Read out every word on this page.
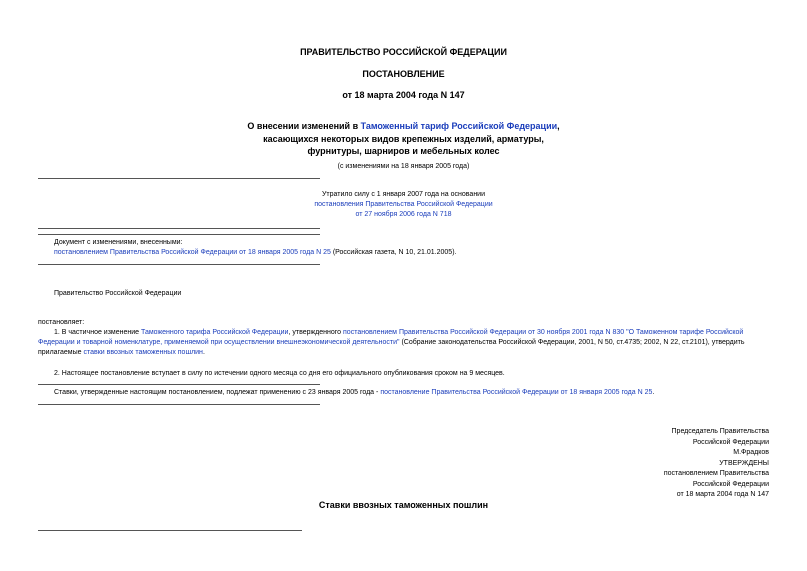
ПРАВИТЕЛЬСТВО РОССИЙСКОЙ ФЕДЕРАЦИИ
ПОСТАНОВЛЕНИЕ
от 18 марта 2004 года N 147
О внесении изменений в Таможенный тариф Российской Федерации,
касающихся некоторых видов крепежных изделий, арматуры,
фурнитуры, шарниров и мебельных колес
(с изменениями на 18 января 2005 года)
Утратило силу с 1 января 2007 года на основании
постановления Правительства Российской Федерации
от 27 ноября 2006 года N 718
Документ с изменениями, внесенными:
постановлением Правительства Российской Федерации от 18 января 2005 года N 25 (Российская газета, N 10, 21.01.2005).
Правительство Российской Федерации
постановляет:
1. В частичное изменение Таможенного тарифа Российской Федерации, утвержденного постановлением Правительства Российской Федерации от 30 ноября 2001 года N 830 "О Таможенном тарифе Российской
Федерации и товарной номенклатуре, применяемой при осуществлении внешнеэкономической деятельности" (Собрание законодательства Российской Федерации, 2001, N 50, ст.4735; 2002, N 22, ст.2101), утвердить
прилагаемые ставки ввозных таможенных пошлин.
2. Настоящее постановление вступает в силу по истечении одного месяца со дня его официального опубликования сроком на 9 месяцев.
Ставки, утвержденные настоящим постановлением, подлежат применению с 23 января 2005 года - постановление Правительства Российской Федерации от 18 января 2005 года N 25.
Председатель Правительства
Российской Федерации
М.Фрадков
УТВЕРЖДЕНЫ
постановлением Правительства
Российской Федерации
от 18 марта 2004 года N 147
Ставки ввозных таможенных пошлин
